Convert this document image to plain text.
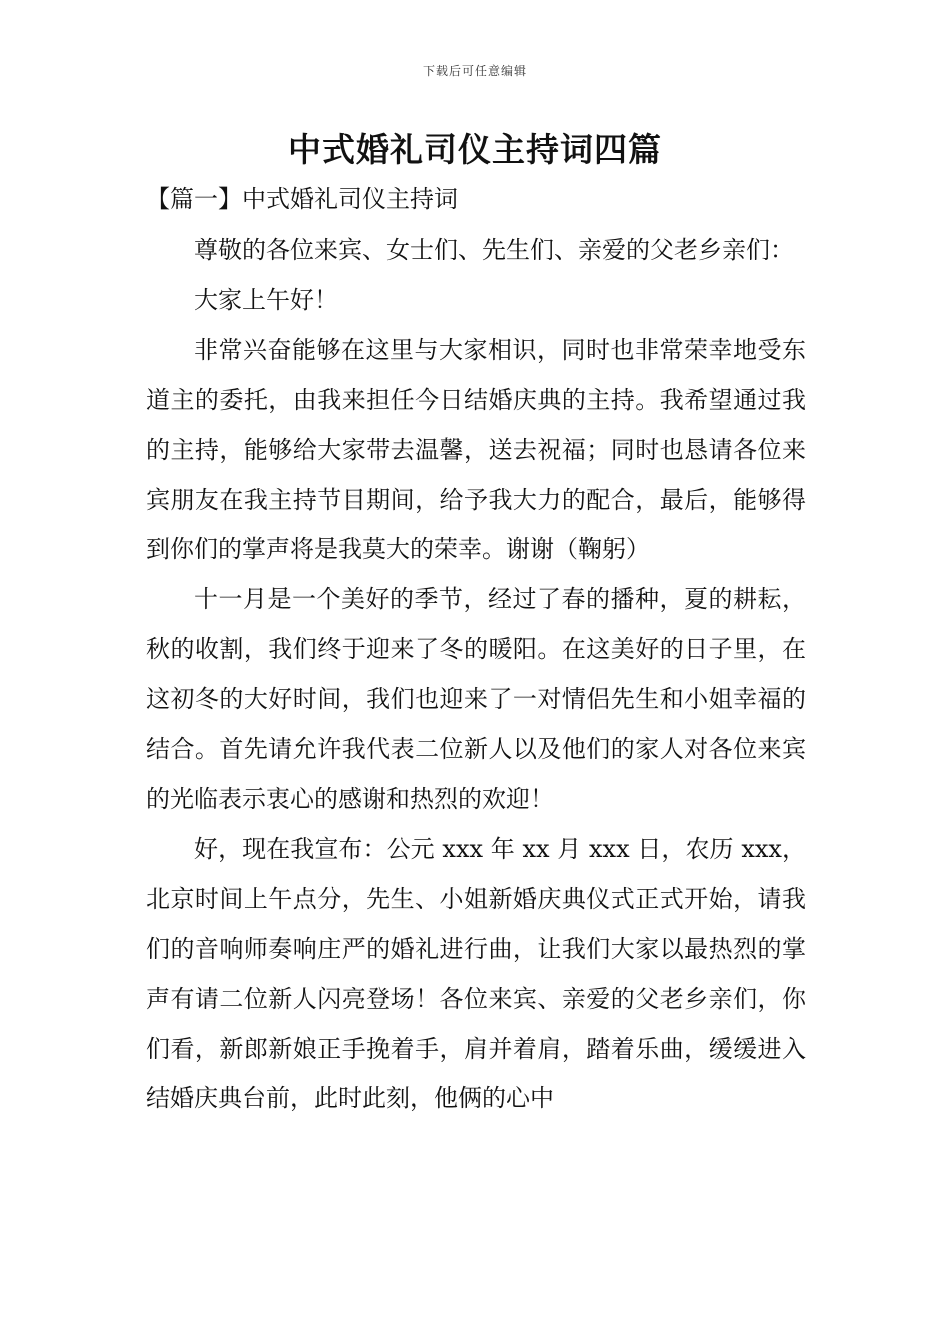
下载后可任意编辑
中式婚礼司仪主持词四篇
【篇一】中式婚礼司仪主持词

尊敬的各位来宾、女士们、先生们、亲爱的父老乡亲们：

大家上午好！

非常兴奋能够在这里与大家相识，同时也非常荣幸地受东道主的委托，由我来担任今日结婚庆典的主持。我希望通过我的主持，能够给大家带去温馨，送去祝福；同时也恳请各位来宾朋友在我主持节目期间，给予我大力的配合，最后，能够得到你们的掌声将是我莫大的荣幸。谢谢（鞠躬）

十一月是一个美好的季节，经过了春的播种，夏的耕耘，秋的收割，我们终于迎来了冬的暖阳。在这美好的日子里，在这初冬的大好时间，我们也迎来了一对情侣先生和小姐幸福的结合。首先请允许我代表二位新人以及他们的家人对各位来宾的光临表示衷心的感谢和热烈的欢迎！

好，现在我宣布：公元 xxx 年 xx 月 xxx 日，农历 xxx，北京时间上午点分，先生、小姐新婚庆典仪式正式开始，请我们的音响师奏响庄严的婚礼进行曲，让我们大家以最热烈的掌声有请二位新人闪亮登场！各位来宾、亲爱的父老乡亲们，你们看，新郎新娘正手挽着手，肩并着肩，踏着乐曲，缓缓进入结婚庆典台前，此时此刻，他俩的心中
